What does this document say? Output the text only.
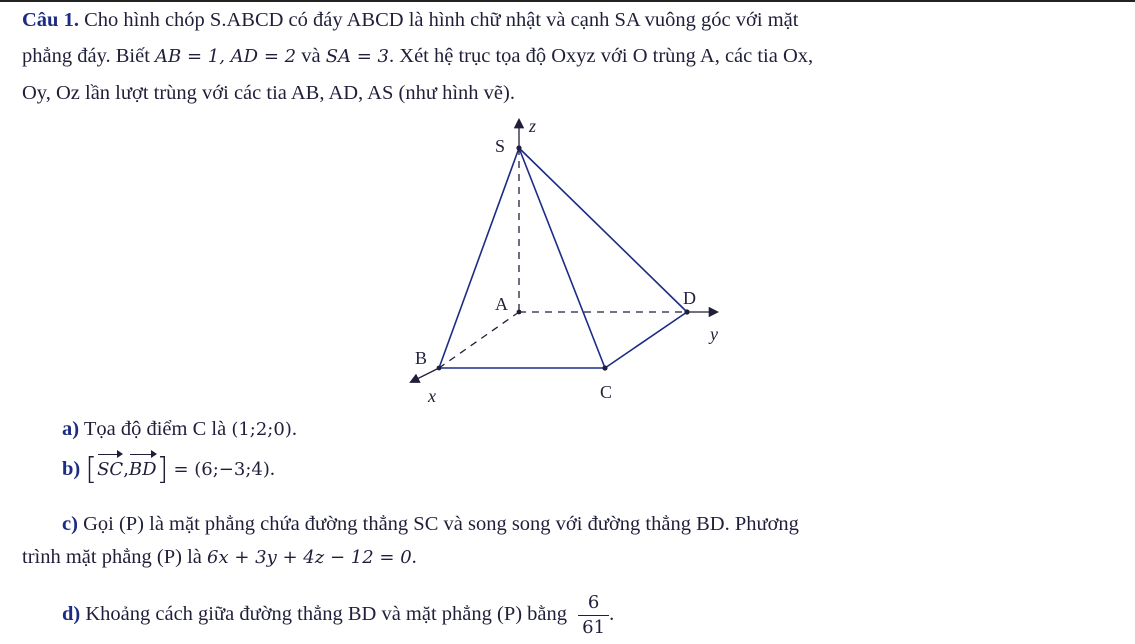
Câu 1. Cho hình chóp S.ABCD có đáy ABCD là hình chữ nhật và cạnh SA vuông góc với mặt
phẳng đáy. Biết AB = 1, AD = 2 và SA = 3. Xét hệ trục tọa độ Oxyz với O trùng A, các tia Ox,
Oy, Oz lần lượt trùng với các tia AB, AD, AS (như hình vẽ).
z
S
A	D
y
B
x	C
a) Tọa độ điểm C là (1;2;0).
b) [SC,BD] = (6;−3;4).
c) Gọi (P) là mặt phẳng chứa đường thẳng SC và song song với đường thẳng BD. Phương
trình mặt phẳng (P) là 6x + 3y + 4z − 12 = 0.
d) Khoảng cách giữa đường thẳng BD và mặt phẳng (P) bằng $\frac{6}{61}$ .
